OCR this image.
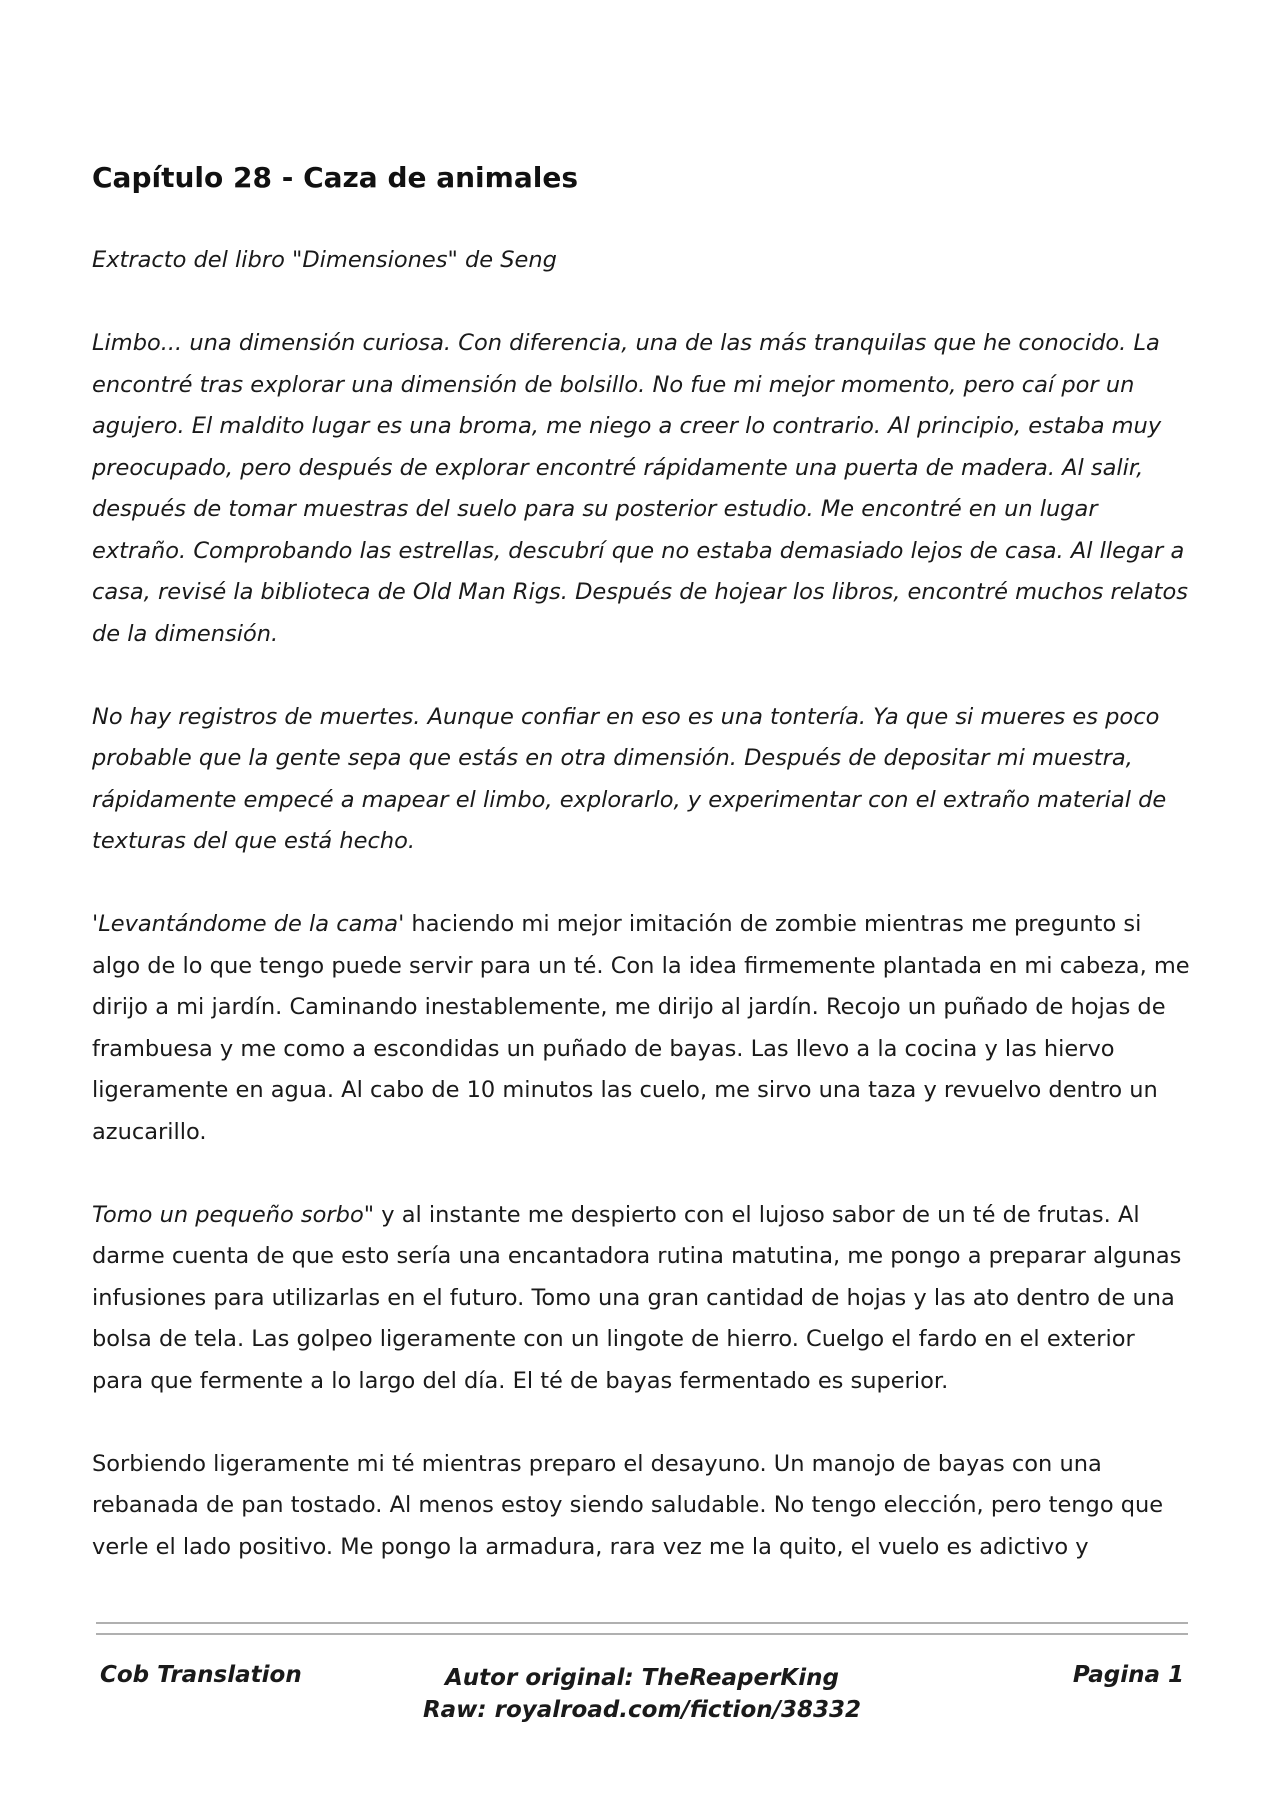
Capítulo 28 - Caza de animales

Extracto del libro "Dimensiones" de Seng

Limbo... una dimensión curiosa. Con diferencia, una de las más tranquilas que he conocido. La encontré tras explorar una dimensión de bolsillo. No fue mi mejor momento, pero caí por un agujero. El maldito lugar es una broma, me niego a creer lo contrario. Al principio, estaba muy preocupado, pero después de explorar encontré rápidamente una puerta de madera. Al salir, después de tomar muestras del suelo para su posterior estudio. Me encontré en un lugar extraño. Comprobando las estrellas, descubrí que no estaba demasiado lejos de casa. Al llegar a casa, revisé la biblioteca de Old Man Rigs. Después de hojear los libros, encontré muchos relatos de la dimensión.

No hay registros de muertes. Aunque confiar en eso es una tontería. Ya que si mueres es poco probable que la gente sepa que estás en otra dimensión. Después de depositar mi muestra, rápidamente empecé a mapear el limbo, explorarlo, y experimentar con el extraño material de texturas del que está hecho.

'Levantándome de la cama' haciendo mi mejor imitación de zombie mientras me pregunto si algo de lo que tengo puede servir para un té. Con la idea firmemente plantada en mi cabeza, me dirijo a mi jardín. Caminando inestablemente, me dirijo al jardín. Recojo un puñado de hojas de frambuesa y me como a escondidas un puñado de bayas. Las llevo a la cocina y las hiervo ligeramente en agua. Al cabo de 10 minutos las cuelo, me sirvo una taza y revuelvo dentro un azucarillo.

Tomo un pequeño sorbo" y al instante me despierto con el lujoso sabor de un té de frutas. Al darme cuenta de que esto sería una encantadora rutina matutina, me pongo a preparar algunas infusiones para utilizarlas en el futuro. Tomo una gran cantidad de hojas y las ato dentro de una bolsa de tela. Las golpeo ligeramente con un lingote de hierro. Cuelgo el fardo en el exterior para que fermente a lo largo del día. El té de bayas fermentado es superior.

Sorbiendo ligeramente mi té mientras preparo el desayuno. Un manojo de bayas con una rebanada de pan tostado. Al menos estoy siendo saludable. No tengo elección, pero tengo que verle el lado positivo. Me pongo la armadura, rara vez me la quito, el vuelo es adictivo y

Cob Translation	Autor original: TheReaperKing
Raw: royalroad.com/fiction/38332
Pagina 1
